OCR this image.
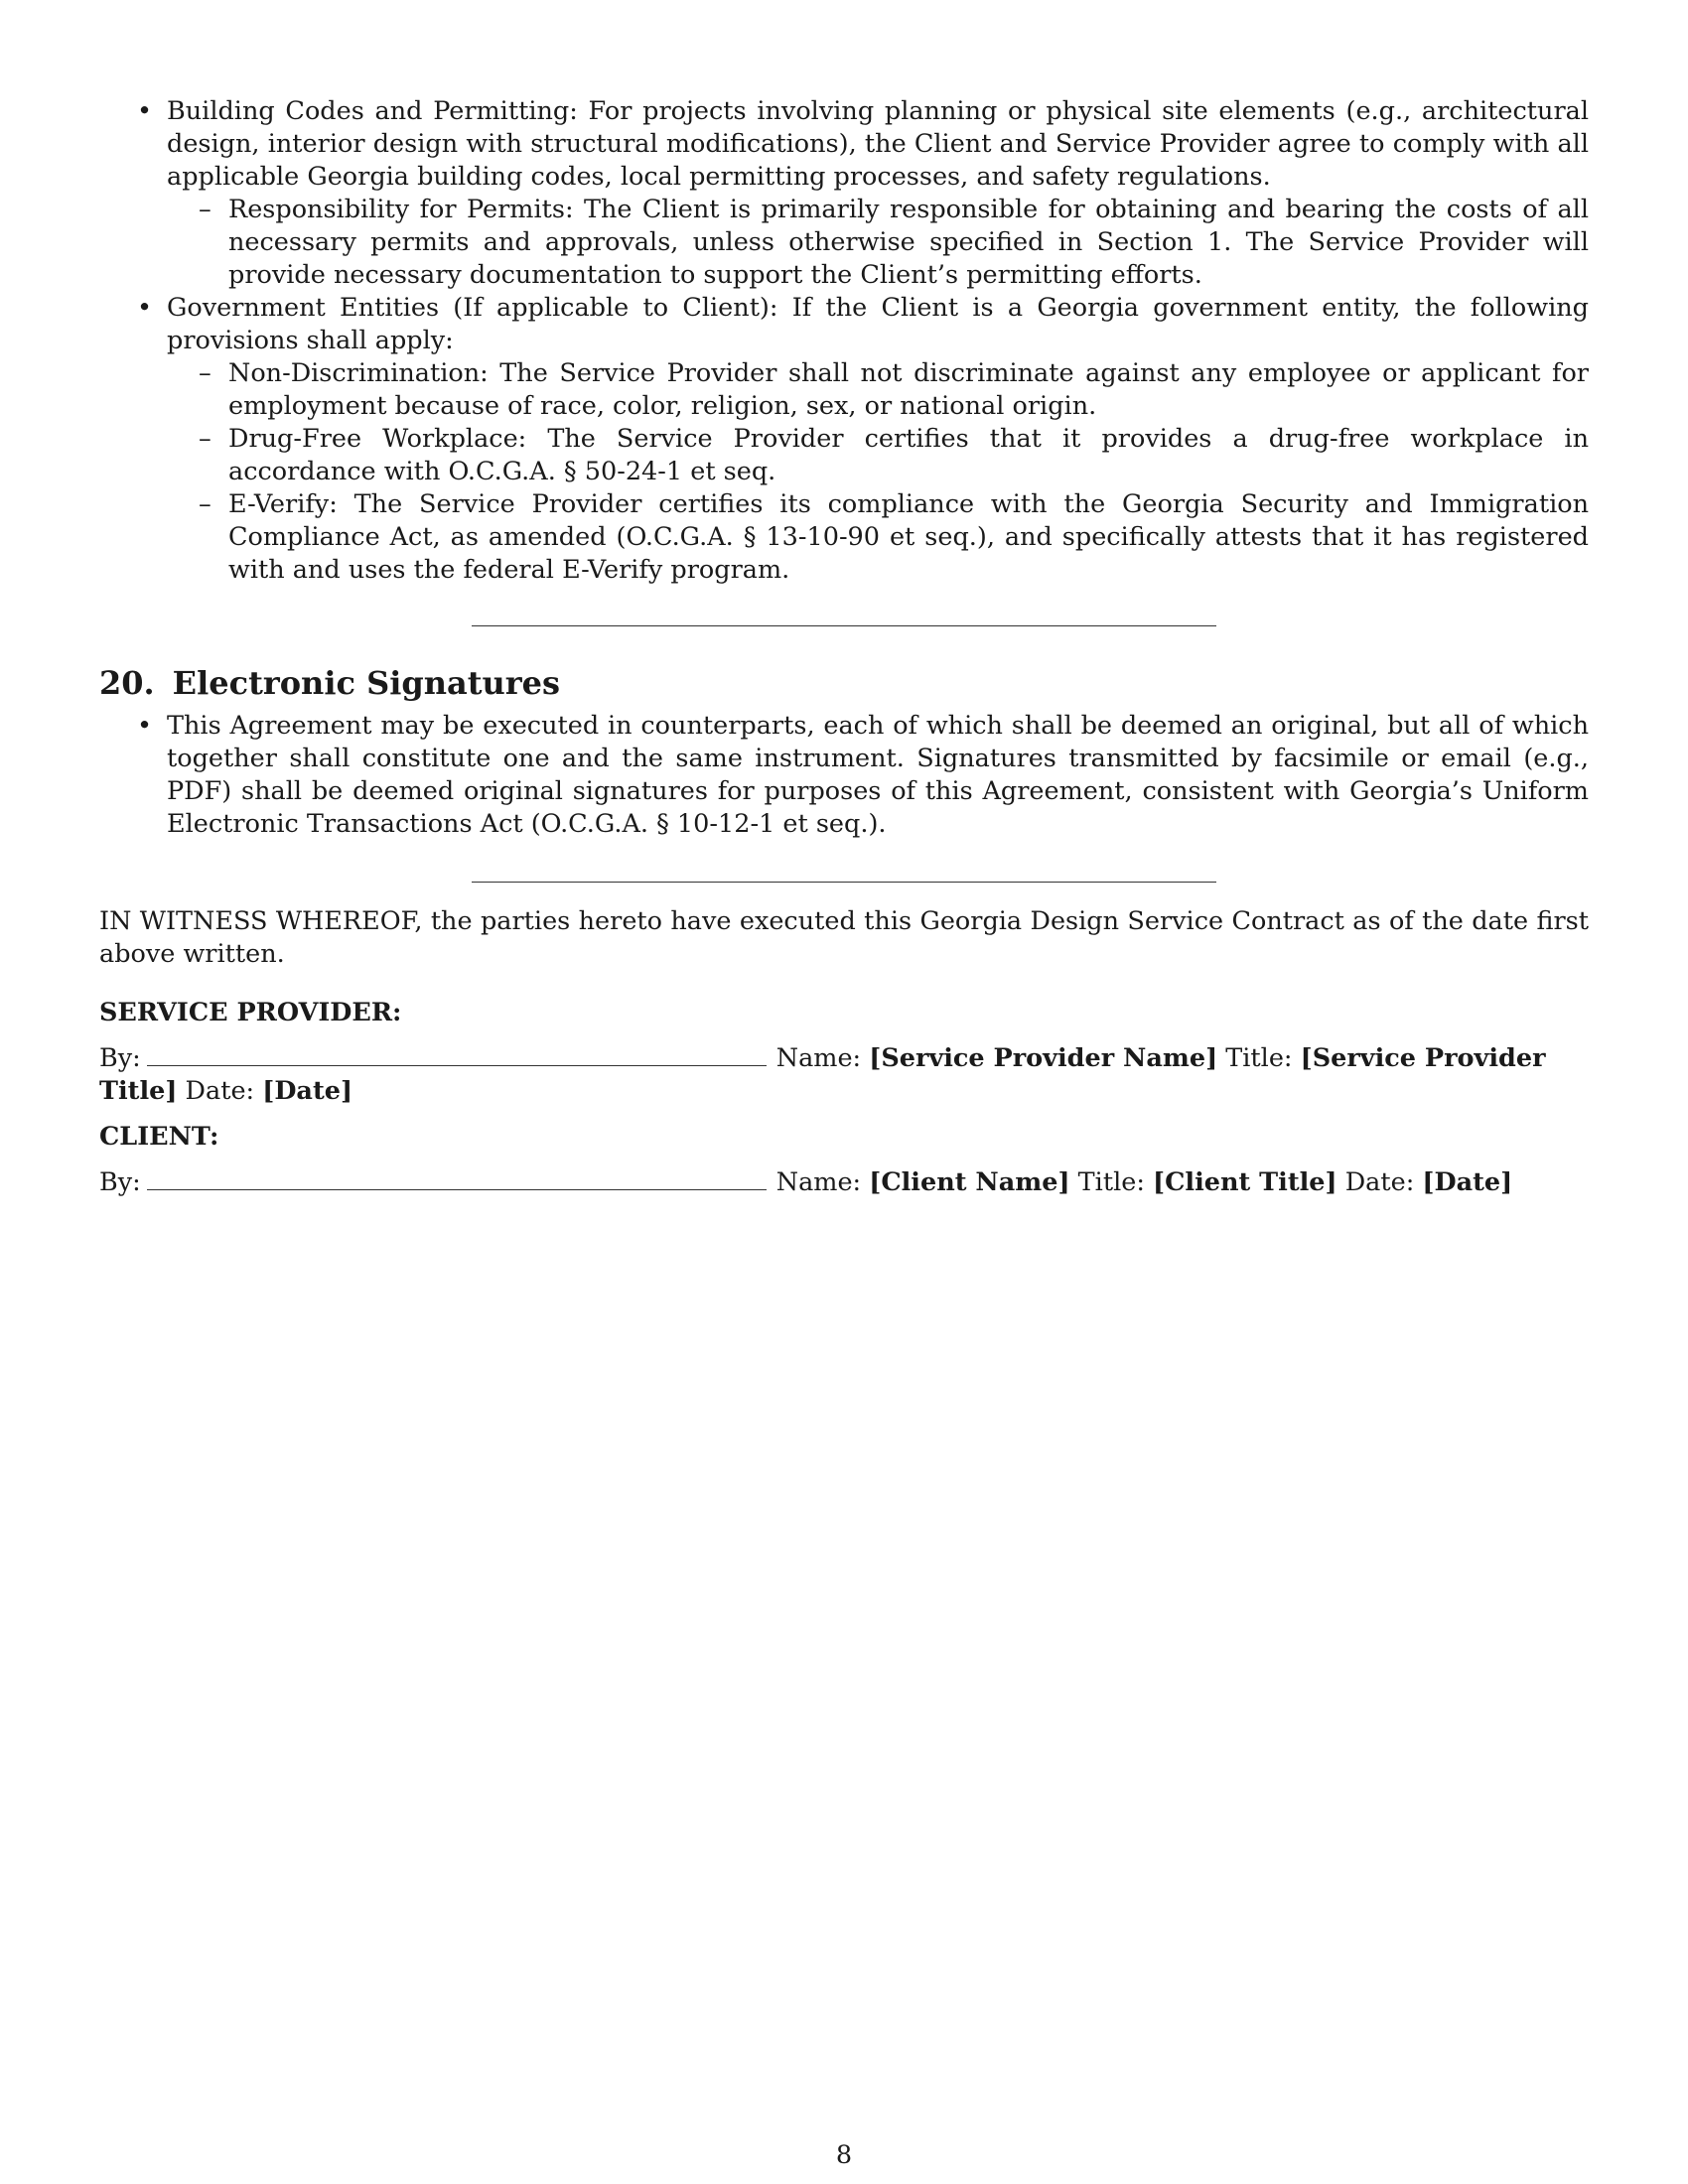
• Building Codes and Permitting: For projects involving planning or physical site elements (e.g., architectural design, interior design with structural modifications), the Client and Service Provider agree to comply with all applicable Georgia building codes, local permitting processes, and safety regulations.
– Responsibility for Permits: The Client is primarily responsible for obtaining and bearing the costs of all necessary permits and approvals, unless otherwise specified in Section 1. The Service Provider will provide necessary documentation to support the Client’s permitting efforts.
• Government Entities (If applicable to Client): If the Client is a Georgia government entity, the following provisions shall apply:
– Non-Discrimination: The Service Provider shall not discriminate against any employee or applicant for employment because of race, color, religion, sex, or national origin.
– Drug-Free Workplace: The Service Provider certifies that it provides a drug-free workplace in accordance with O.C.G.A. § 50-24-1 et seq.
– E-Verify: The Service Provider certifies its compliance with the Georgia Security and Immigration Compliance Act, as amended (O.C.G.A. § 13-10-90 et seq.), and specifically attests that it has registered with and uses the federal E-Verify program.
20. Electronic Signatures
• This Agreement may be executed in counterparts, each of which shall be deemed an original, but all of which together shall constitute one and the same instrument. Signatures transmitted by facsimile or email (e.g., PDF) shall be deemed original signatures for purposes of this Agreement, consistent with Georgia’s Uniform Electronic Transactions Act (O.C.G.A. § 10-12-1 et seq.).

IN WITNESS WHEREOF, the parties hereto have executed this Georgia Design Service Contract as of the date first above written.

SERVICE PROVIDER:
By:	Name: [Service Provider Name] Title: [Service Provider Title] Date: [Date]
CLIENT:
By:	Name: [Client Name] Title: [Client Title] Date: [Date]
8
